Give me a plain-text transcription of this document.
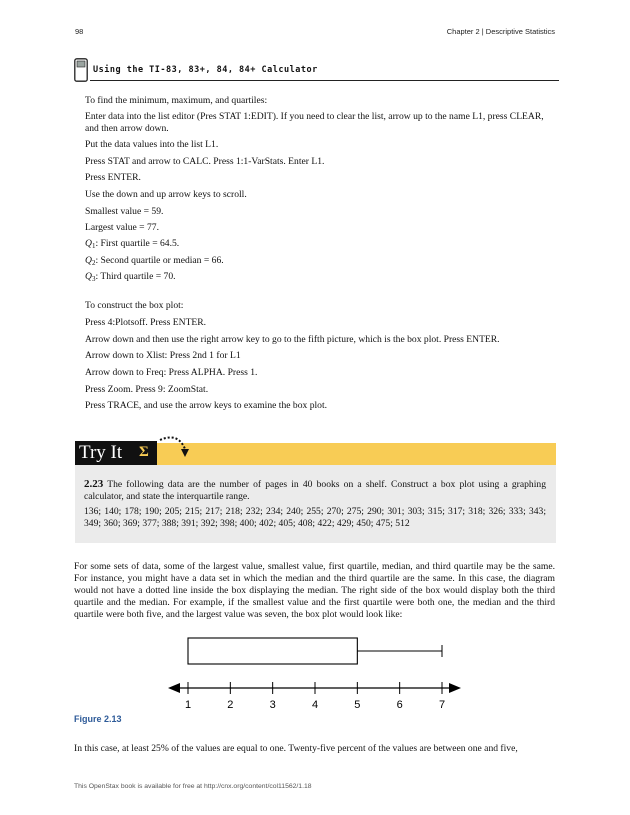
98	Chapter 2 | Descriptive Statistics
Using the TI-83, 83+, 84, 84+ Calculator

To find the minimum, maximum, and quartiles:

Enter data into the list editor (Pres STAT 1:EDIT). If you need to clear the list, arrow up to the name L1, press CLEAR, and then arrow down.

Put the data values into the list L1.

Press STAT and arrow to CALC. Press 1:1-VarStats. Enter L1.

Press ENTER.

Use the down and up arrow keys to scroll.

Smallest value = 59.

Largest value = 77.

$Q_1$: First quartile = 64.5.

$Q_2$: Second quartile or median = 66.

$Q_3$: Third quartile = 70.

To construct the box plot:

Press 4:Plotsoff. Press ENTER.

Arrow down and then use the right arrow key to go to the fifth picture, which is the box plot. Press ENTER.

Arrow down to Xlist: Press 2nd 1 for L1

Arrow down to Freq: Press ALPHA. Press 1.

Press Zoom. Press 9: ZoomStat.

Press TRACE, and use the arrow keys to examine the box plot.

Try It Σ

2.23 The following data are the number of pages in 40 books on a shelf. Construct a box plot using a graphing calculator, and state the interquartile range.

136; 140; 178; 190; 205; 215; 217; 218; 232; 234; 240; 255; 270; 275; 290; 301; 303; 315; 317; 318; 326; 333; 343; 349; 360; 369; 377; 388; 391; 392; 398; 400; 402; 405; 408; 422; 429; 450; 475; 512

For some sets of data, some of the largest value, smallest value, first quartile, median, and third quartile may be the same. For instance, you might have a data set in which the median and the third quartile are the same. In this case, the diagram would not have a dotted line inside the box displaying the median. The right side of the box would display both the third quartile and the median. For example, if the smallest value and the first quartile were both one, the median and the third quartile were both five, and the largest value was seven, the box plot would look like:

1	2	3	4	5	6	7
Figure 2.13

In this case, at least 25% of the values are equal to one. Twenty-five percent of the values are between one and five,

This OpenStax book is available for free at http://cnx.org/content/col11562/1.18
